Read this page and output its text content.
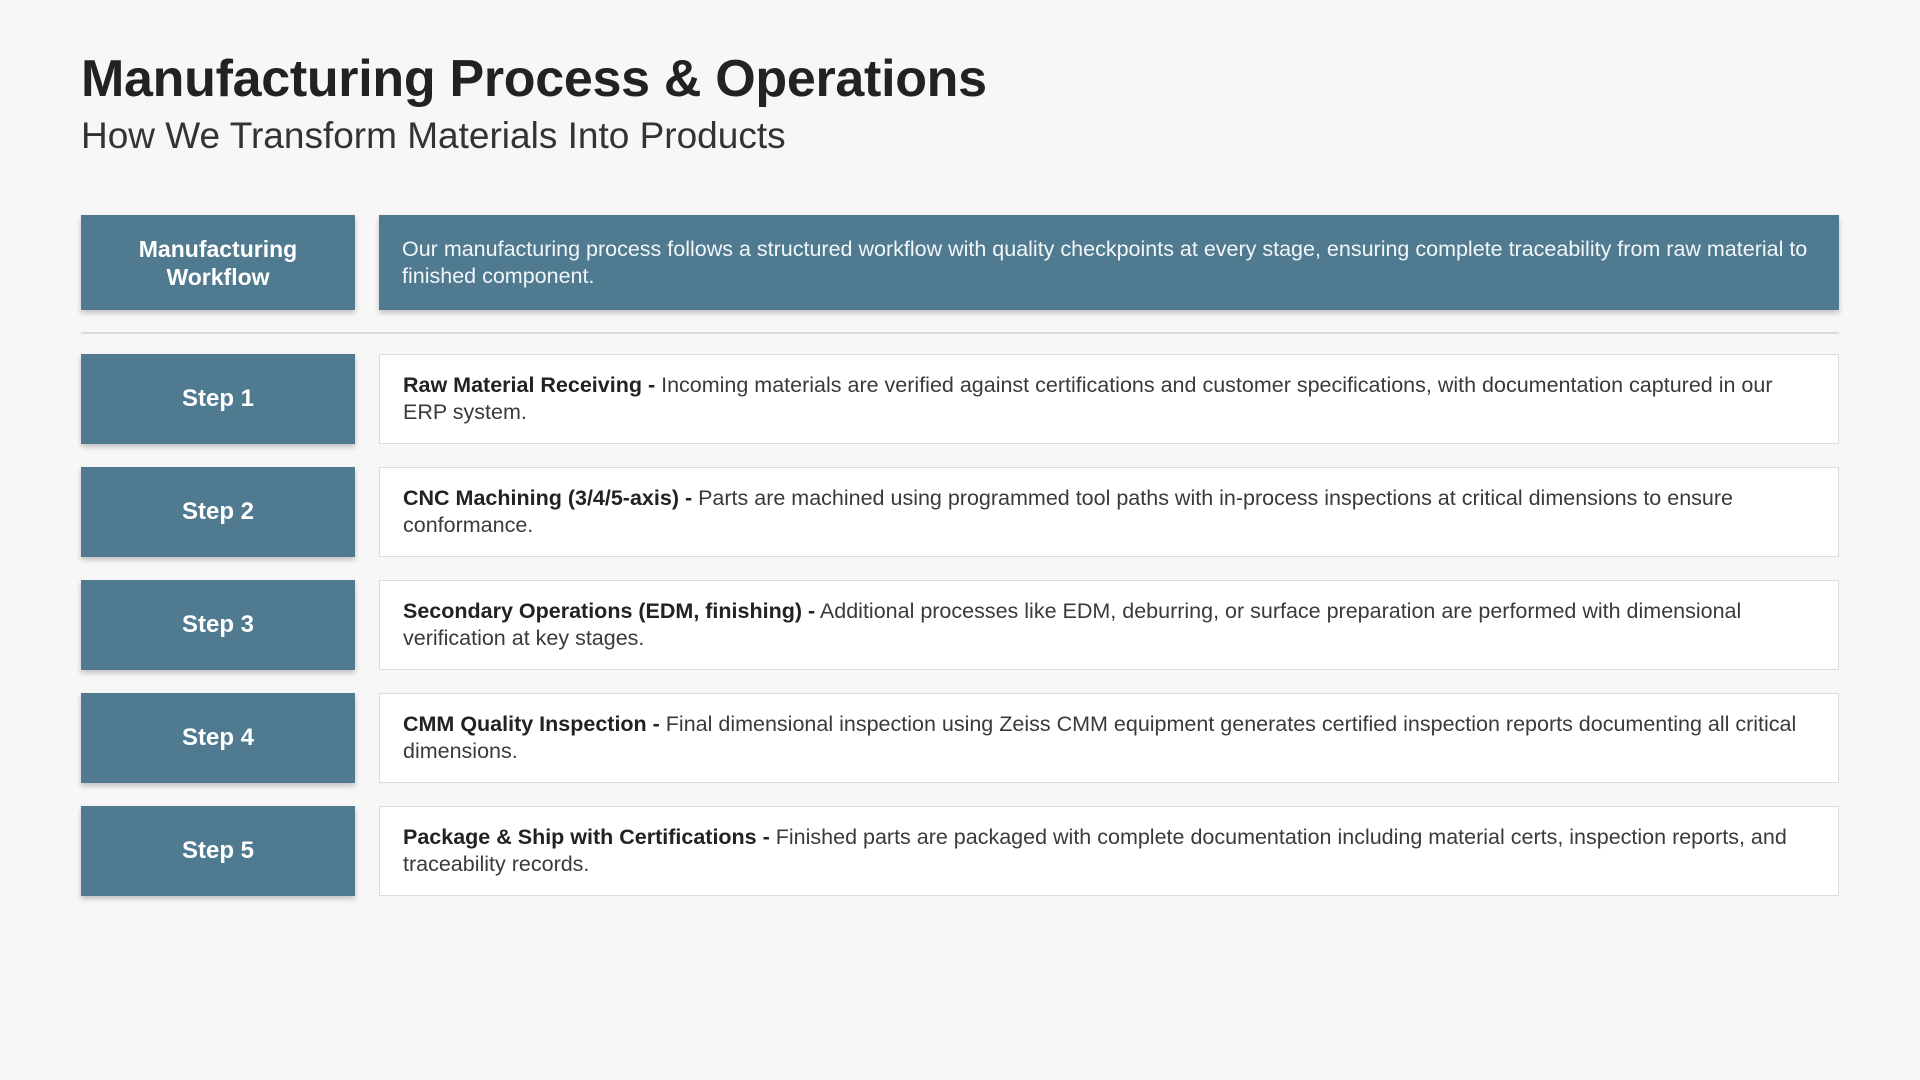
Manufacturing Process & Operations
How We Transform Materials Into Products
Manufacturing Workflow
Our manufacturing process follows a structured workflow with quality checkpoints at every stage, ensuring complete traceability from raw material to finished component.
Step 1	Raw Material Receiving - Incoming materials are verified against certifications and customer specifications, with documentation captured in our ERP system.
Step 2	CNC Machining (3/4/5-axis) - Parts are machined using programmed tool paths with in-process inspections at critical dimensions to ensure conformance.
Step 3	Secondary Operations (EDM, finishing) - Additional processes like EDM, deburring, or surface preparation are performed with dimensional verification at key stages.
Step 4	CMM Quality Inspection - Final dimensional inspection using Zeiss CMM equipment generates certified inspection reports documenting all critical dimensions.
Step 5	Package & Ship with Certifications - Finished parts are packaged with complete documentation including material certs, inspection reports, and traceability records.
